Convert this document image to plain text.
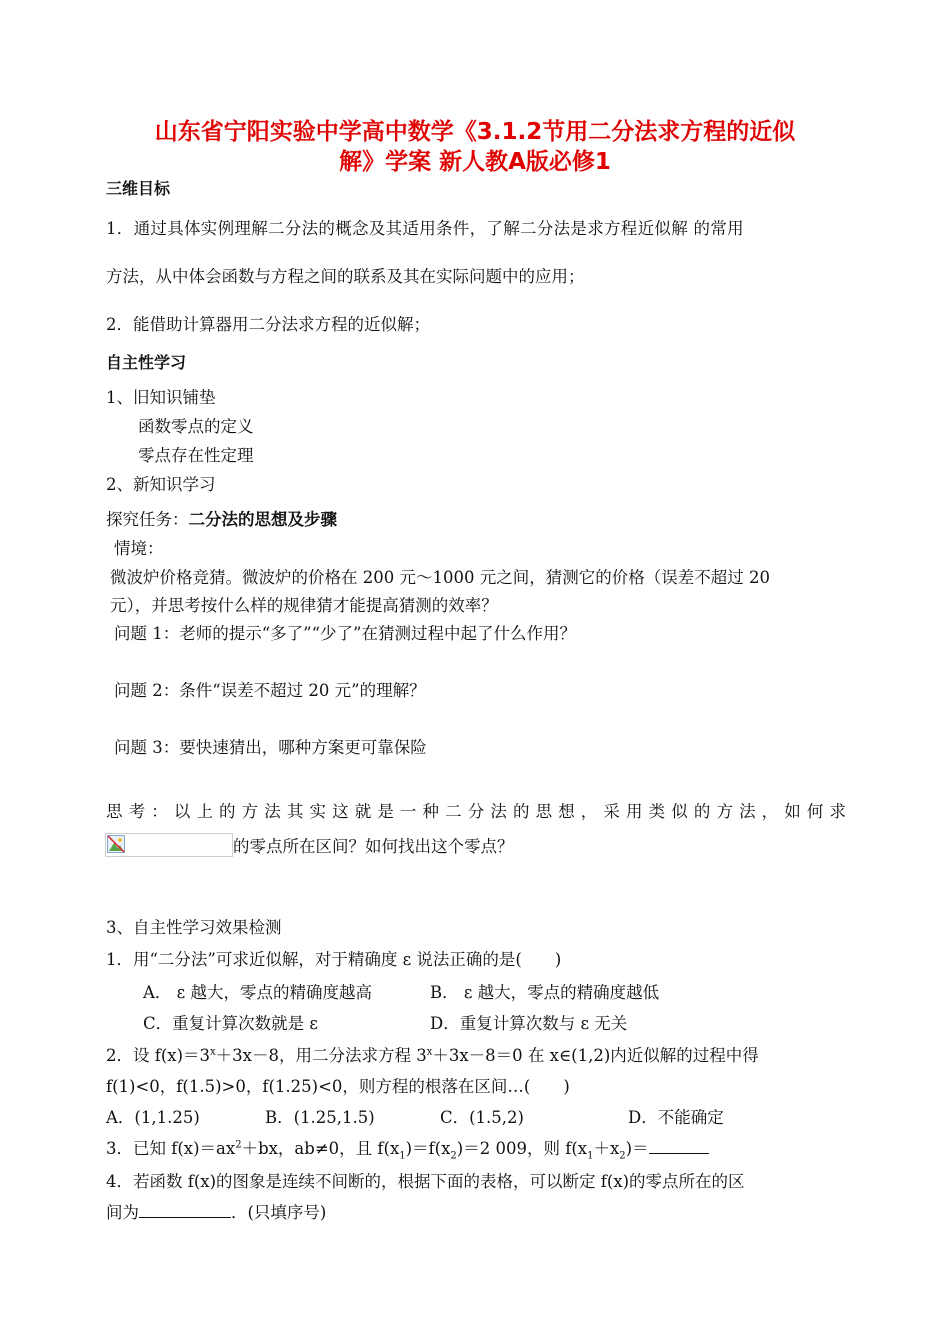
山东省宁阳实验中学高中数学《3.1.2节用二分法求方程的近似
解》学案 新人教A版必修1
三维目标
1．通过具体实例理解二分法的概念及其适用条件，了解二分法是求方程近似解 的常用
方法，从中体会函数与方程之间的联系及其在实际问题中的应用；
2．能借助计算器用二分法求方程的近似解；
自主性学习
1、旧知识铺垫
函数零点的定义
零点存在性定理
2、新知识学习
探究任务：二分法的思想及步骤
情境：
微波炉价格竞猜。微波炉的价格在 200 元～1000 元之间，猜测它的价格（误差不超过 20
元），并思考按什么样的规律猜才能提高猜测的效率？
问题 1：老师的提示“多了”“少了”在猜测过程中起了什么作用？
问题 2：条件“误差不超过 20 元”的理解？
问题 3：要快速猜出，哪种方案更可靠保险
思考：以上的方法其实这就是一种二分法的思想，采用类似的方法，如何求
的零点所在区间？如何找出这个零点？
3、自主性学习效果检测
1．用“二分法”可求近似解，对于精确度 ε 说法正确的是(　　)
A． ε 越大，零点的精确度越高	B． ε 越大，零点的精确度越低
C．重复计算次数就是 ε	D．重复计算次数与 ε 无关
2．设 $f(x)=3^x+3x-8$，用二分法求方程 $3^x+3x-8=0$ 在 x∈(1,2)内近似解的过程中得
f(1)<0，f(1.5)>0，f(1.25)<0，则方程的根落在区间…(　　)
A．(1,1.25)	B．(1.25,1.5)	C．(1.5,2)	D．不能确定
3．已知 $f(x)=ax^2+bx$，ab≠0，且 $f(x_1)=f(x_2)=2$ 009，则 $f(x_1+x_2)=$
4．若函数 f(x)的图象是连续不间断的，根据下面的表格，可以断定 f(x)的零点所在的区
间为	．(只填序号)
